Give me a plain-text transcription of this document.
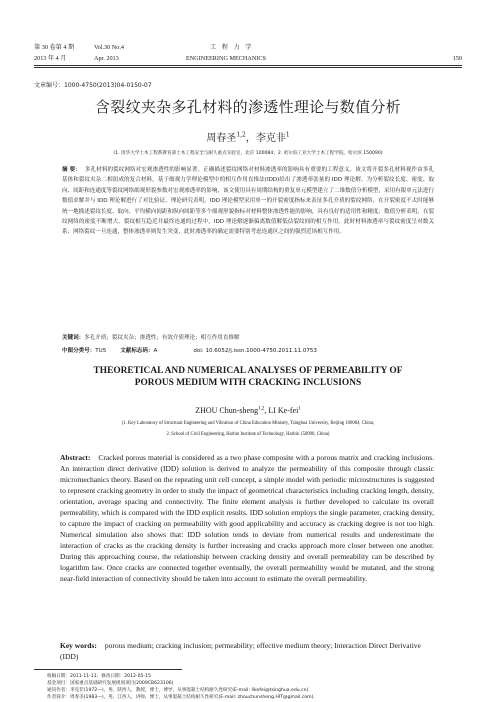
第 30 卷第 4 期	Vol.30 No.4	工 程 力 学
2013 年 4 月	Apr. 2013	ENGINEERING MECHANICS	150
文章编号：1000-4750(2013)04-0150-07
含裂纹夹杂多孔材料的渗透性理论与数值分析
周春圣$^{1,2}$，李克非$^1$
(1. 清华大学土木工程系教育部土木工程安全与耐久重点实验室，北京 100084；2. 哈尔滨工业大学土木工程学院，哈尔滨 150090)
摘 要： 多孔材料的裂纹网络对宏观渗透性的影响显著。正确描述裂纹网络对材料渗透率的影响具有重要的工程意义。该文将开裂多孔材料视作由多孔基体和裂纹夹杂二相组成的复合材料，基于细观力学理论模型中的相互作用直推法(IDD)给出了渗透率张量的 IDD 理论解。为分析裂纹长度、密度、取向、间距和连通度等裂纹网络细观形貌参数对宏观渗透率的影响，该文使用具有周期结构的重复单元模型建立了二维数值分析模型，采用有限单元法进行数值求解并与 IDD 理论解进行了对比验证。理论研究表明，IDD 理论模型采用单一的开裂密度指标来表征多孔介质的裂纹网络，在开裂密度不太时能够统一地描述裂纹长度、取向、平均横向间距和纵向间距等多个细观形貌指标对材料整体渗透性能的影响，具有良好的适用性和精度；数值分析表明，在裂纹网络的密度不断增大、裂纹相互趋近并最终连通的过程中，IDD 理论解逐渐偏离数值解低估裂纹间的相互作用。此时材料渗透率与裂纹密度呈对数关系；网络裂纹一旦连通，整体渗透率则发生突变，此时渗透率的确定需要特别考虑连通区之间的强烈近场相互作用。
关键词：多孔介质；裂纹夹杂；渗透性；有效介质理论；相互作用直推解
中图分类号：TU5	文献标志码：A	doi: 10.6052/j.issn.1000-4750.2011.11.0753
THEORETICAL AND NUMERICAL ANALYSES OF PERMEABILITY OF
POROUS MEDIUM WITH CRACKING INCLUSIONS
ZHOU Chun-sheng$^{1,2}$, LI Ke-fei$^1$
(1. Key Laboratory of Structural Engineering and Vibration of China Education Ministry, Tsinghua University, Beijing 100084, China;
2. School of Civil Engineering, Harbin Institute of Technology, Harbin 150090, China)
Abstract: Cracked porous material is considered as a two phase composite with a porous matrix and cracking inclusions. An interaction direct derivative (IDD) solution is derived to analyze the permeability of this composite through classic micromechanics theory. Based on the repeating unit cell concept, a simple model with periodic microstructures is suggested to represent cracking geometry in order to study the impact of geometrical characteristics including cracking length, density, orientation, average spacing and connectivity. The finite element analysis is further developed to calculate its overall permeability, which is compared with the IDD explicit results. IDD solution employs the single parameter, cracking density, to capture the impact of cracking on permeability with good applicability and accuracy as cracking degree is not too high. Numerical simulation also shows that: IDD solution tends to deviate from numerical results and underestimate the interaction of cracks as the cracking density is further increasing and cracks approach more closer between one another. During this approaching course, the relationship between cracking density and overall permeability can be described by logarithm law. Once cracks are connected together eventually, the overall permeability would be mutated, and the strong near-field interaction of connectivity should be taken into account to estimate the overall permeability.
Key words: porous medium; cracking inclusion; permeability; effective medium theory; Interaction Direct Derivative (IDD)
收稿日期：2011-11-11；修改日期：2012-05-15
基金项目：国家重点基础研究发展规划项目(2009CB623106)
通讯作者：李克非(1972―)，男，陕西人，教授，博士，博导，从事混凝土结构耐久性研究(E-mail: likefei@tsinghua.edu.cn).
作者简介：周春圣(1983―)，男，江西人，讲师，博士，从事混凝土结构耐久性研究(E-mail: zhouchunsheng.HIT@gmail.com).
